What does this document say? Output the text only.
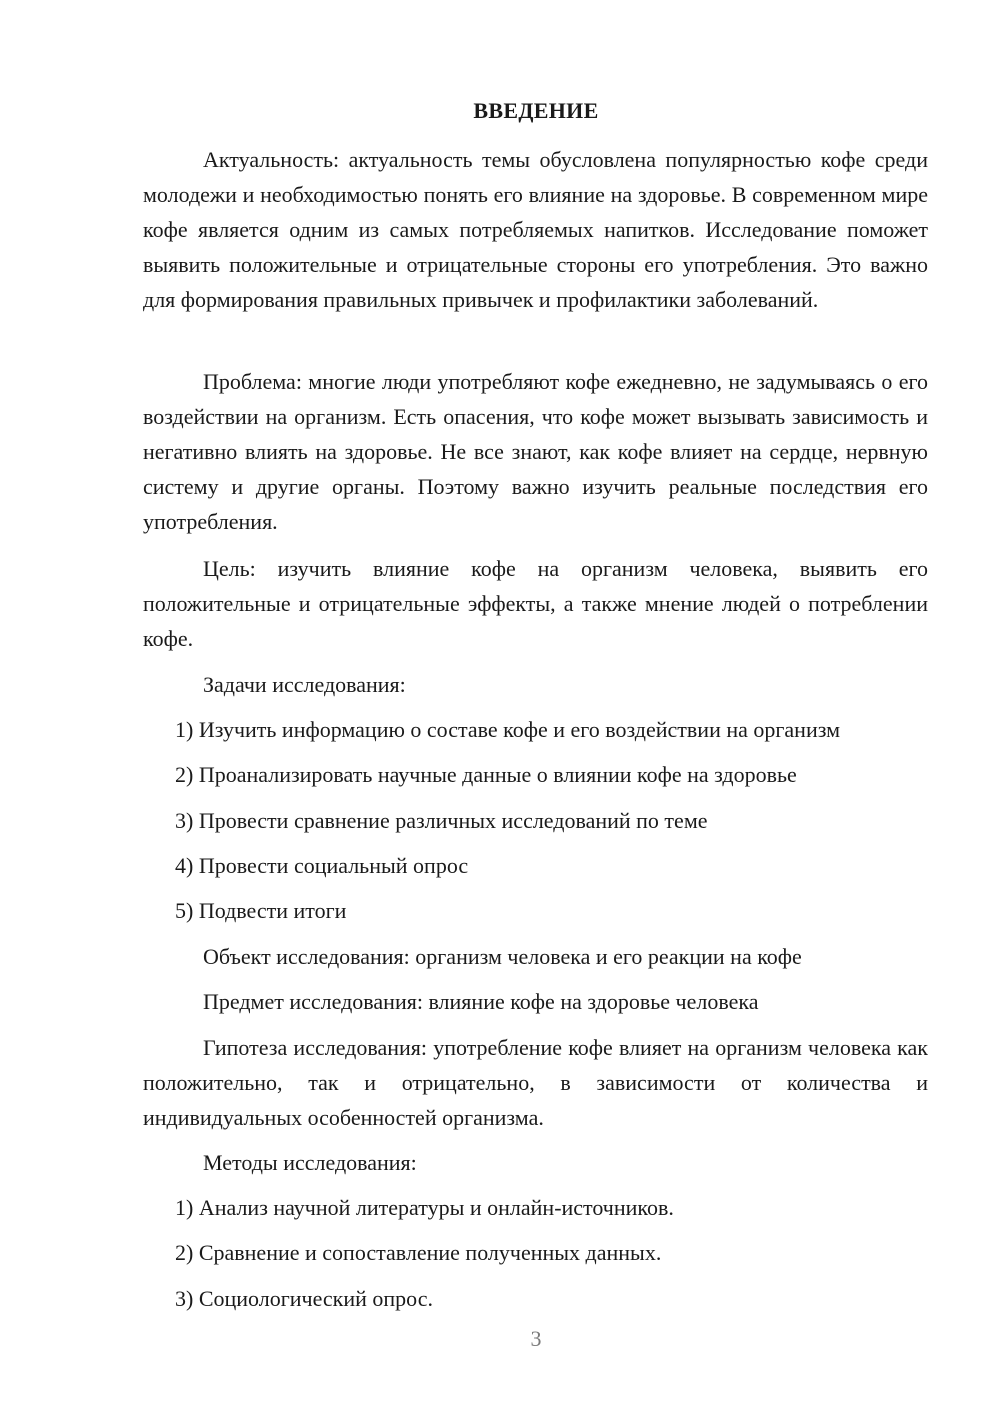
ВВЕДЕНИЕ
Актуальность: актуальность темы обусловлена популярностью кофе среди молодежи и необходимостью понять его влияние на здоровье. В современном мире кофе является одним из самых потребляемых напитков. Исследование поможет выявить положительные и отрицательные стороны его употребления. Это важно для формирования правильных привычек и профилактики заболеваний.
Проблема: многие люди употребляют кофе ежедневно, не задумываясь о его воздействии на организм. Есть опасения, что кофе может вызывать зависимость и негативно влиять на здоровье. Не все знают, как кофе влияет на сердце, нервную систему и другие органы. Поэтому важно изучить реальные последствия его употребления.
Цель: изучить влияние кофе на организм человека, выявить его положительные и отрицательные эффекты, а также мнение людей о потреблении кофе.
Задачи исследования:
1) Изучить информацию о составе кофе и его воздействии на организм
2) Проанализировать научные данные о влиянии кофе на здоровье
3) Провести сравнение различных исследований по теме
4) Провести социальный опрос
5) Подвести итоги
Объект исследования: организм человека и его реакции на кофе
Предмет исследования: влияние кофе на здоровье человека
Гипотеза исследования: употребление кофе влияет на организм человека как положительно, так и отрицательно, в зависимости от количества и индивидуальных особенностей организма.
Методы исследования:
1) Анализ научной литературы и онлайн-источников.
2) Сравнение и сопоставление полученных данных.
3) Социологический опрос.
3
